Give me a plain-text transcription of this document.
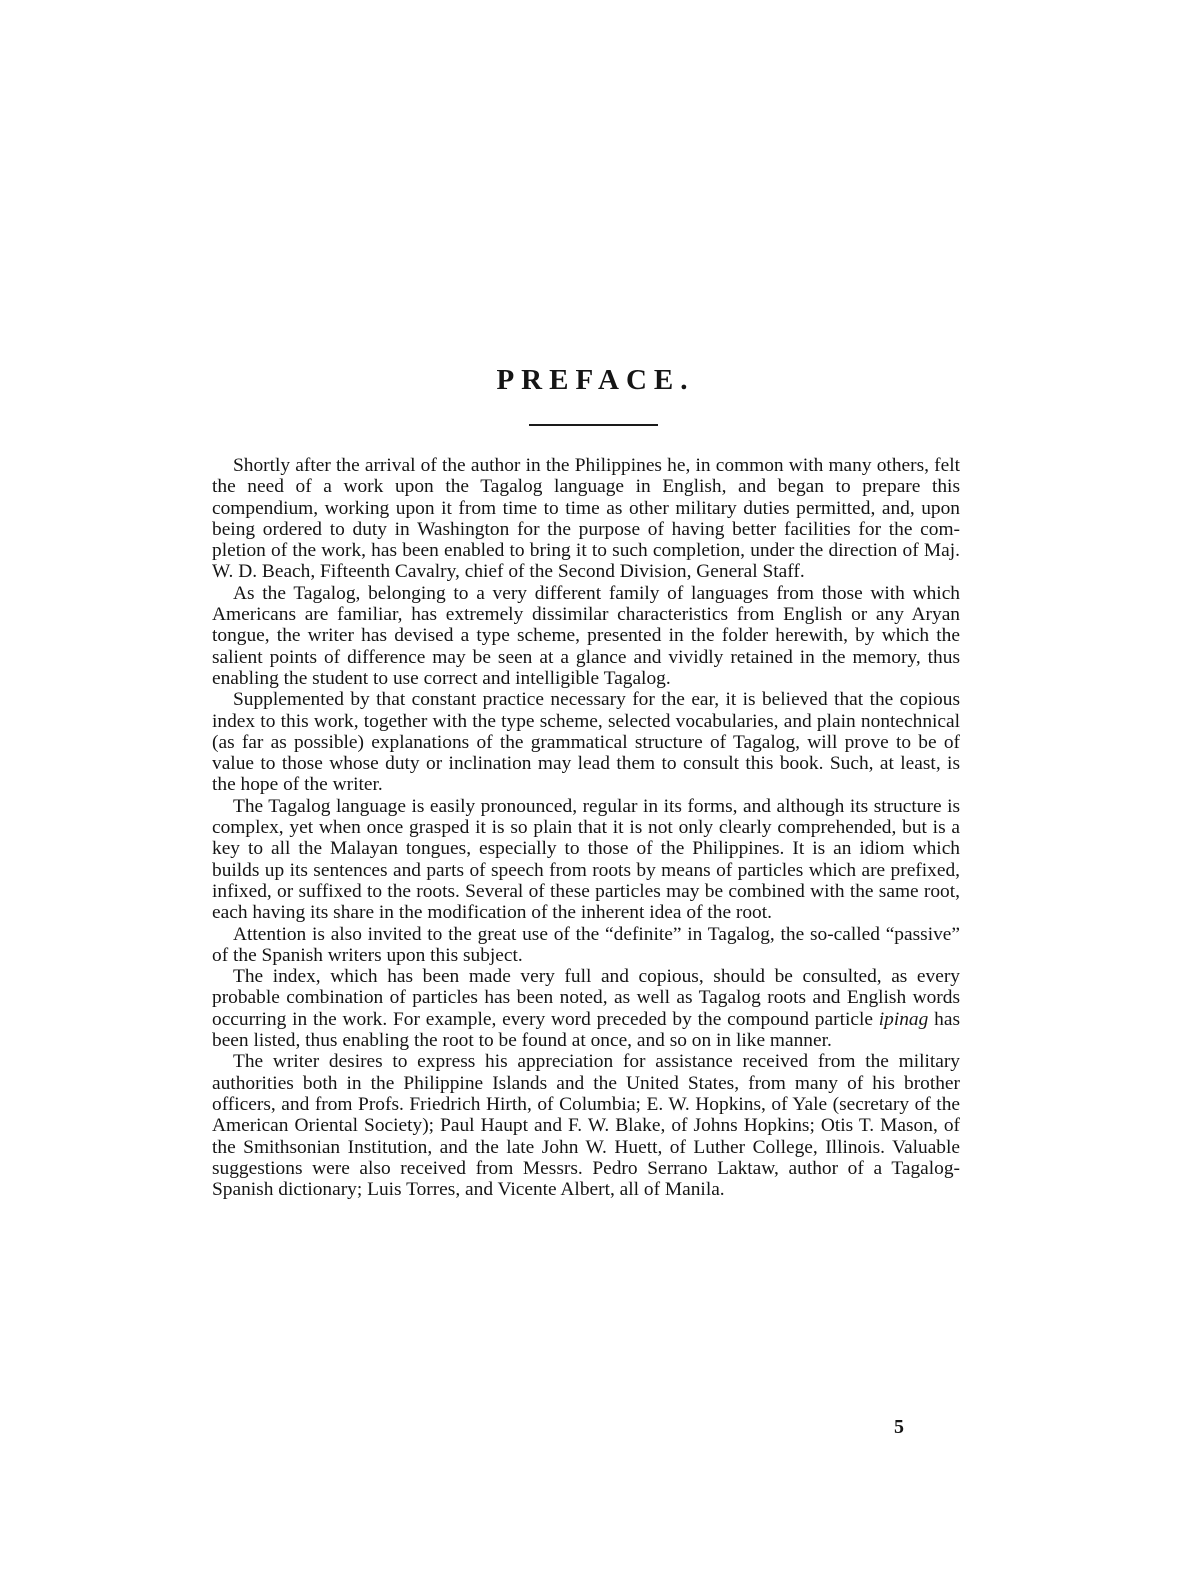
PREFACE.

Shortly after the arrival of the author in the Philippines he, in common with many others, felt the need of a work upon the Tagalog language in English, and began to prepare this compendium, working upon it from time to time as other military duties permitted, and, upon being ordered to duty in Washington for the purpose of having better facilities for the completion of the work, has been enabled to bring it to such completion, under the direction of Maj. W. D. Beach, Fifteenth Cavalry, chief of the Second Division, General Staff.

As the Tagalog, belonging to a very different family of languages from those with which Americans are familiar, has extremely dissimilar characteristics from English or any Aryan tongue, the writer has devised a type scheme, presented in the folder herewith, by which the salient points of difference may be seen at a glance and vividly retained in the memory, thus enabling the student to use correct and intelligible Tagalog.

Supplemented by that constant practice necessary for the ear, it is believed that the copious index to this work, together with the type scheme, selected vocabularies, and plain nontechnical (as far as possible) explanations of the grammatical structure of Tagalog, will prove to be of value to those whose duty or inclination may lead them to consult this book. Such, at least, is the hope of the writer.

The Tagalog language is easily pronounced, regular in its forms, and although its structure is complex, yet when once grasped it is so plain that it is not only clearly comprehended, but is a key to all the Malayan tongues, especially to those of the Philippines. It is an idiom which builds up its sentences and parts of speech from roots by means of particles which are prefixed, infixed, or suffixed to the roots. Several of these particles may be combined with the same root, each having its share in the modification of the inherent idea of the root.

Attention is also invited to the great use of the “definite” in Tagalog, the so-called “passive” of the Spanish writers upon this subject.

The index, which has been made very full and copious, should be consulted, as every probable combination of particles has been noted, as well as Tagalog roots and English words occurring in the work. For example, every word preceded by the compound particle ipinag has been listed, thus enabling the root to be found at once, and so on in like manner.

The writer desires to express his appreciation for assistance received from the military authorities both in the Philippine Islands and the United States, from many of his brother officers, and from Profs. Friedrich Hirth, of Columbia; E. W. Hopkins, of Yale (secretary of the American Oriental Society); Paul Haupt and F. W. Blake, of Johns Hopkins; Otis T. Mason, of the Smithsonian Institution, and the late John W. Huett, of Luther College, Illinois. Valuable suggestions were also received from Messrs. Pedro Serrano Laktaw, author of a Tagalog-Spanish dictionary; Luis Torres, and Vicente Albert, all of Manila.

5
